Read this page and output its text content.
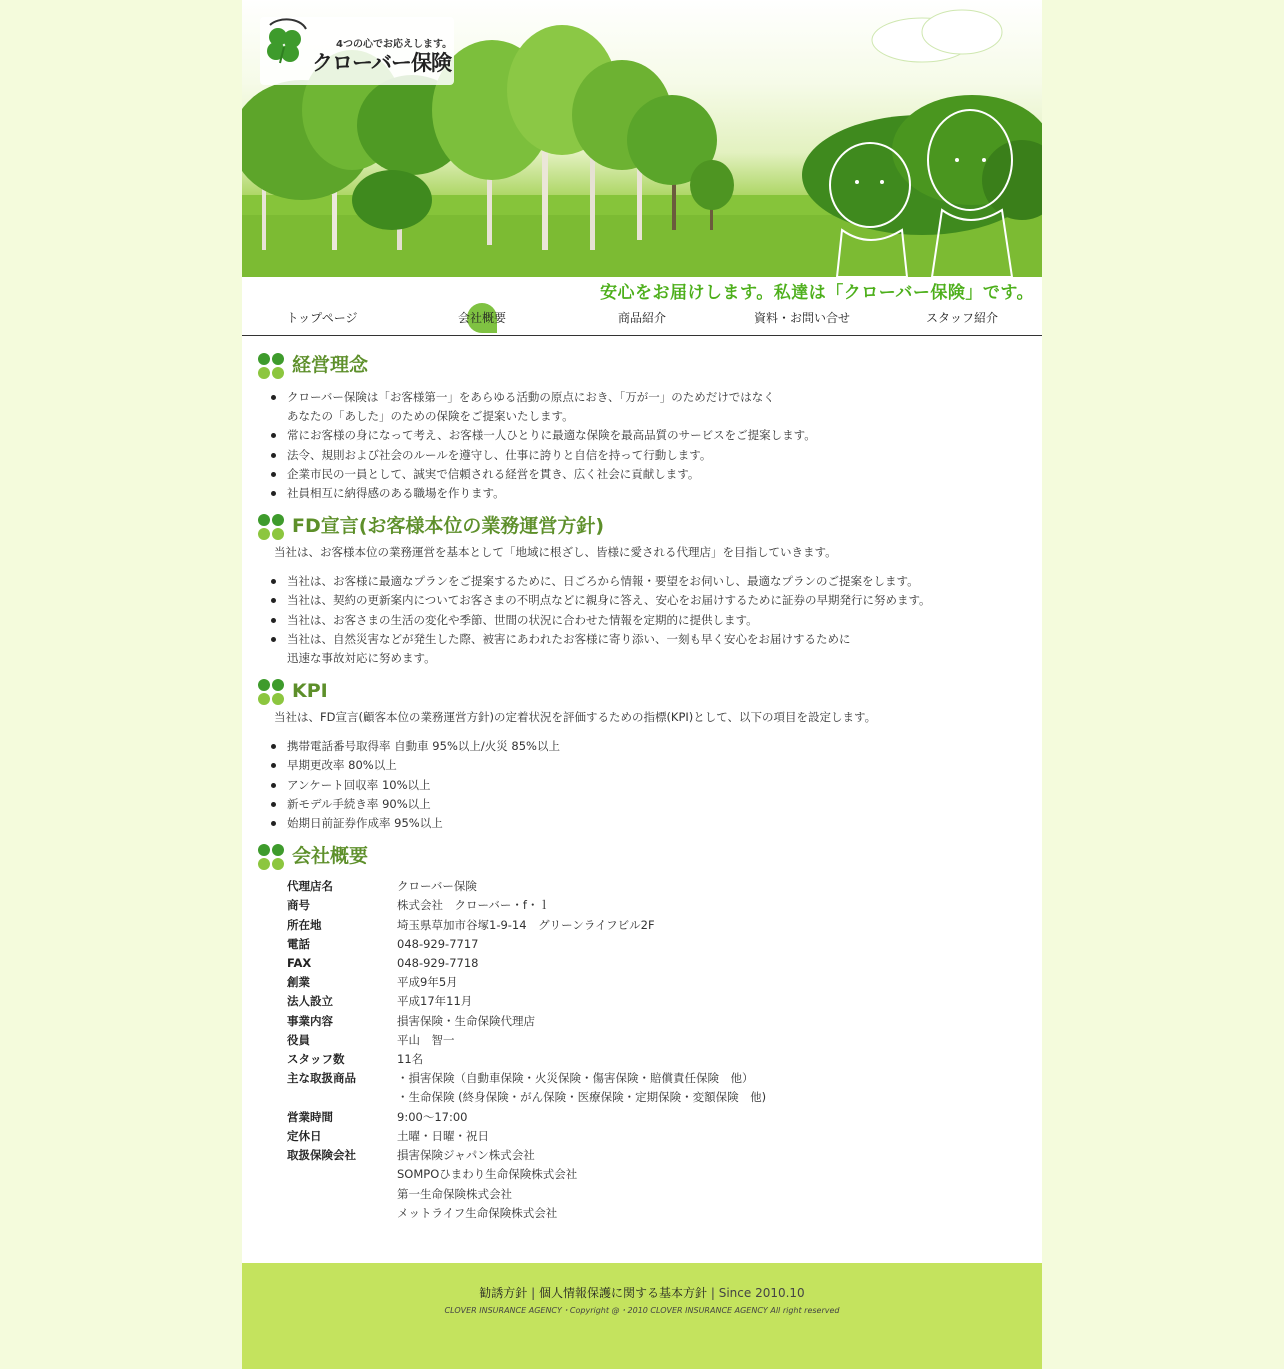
4つの心でお応えします。
クローバー保険
安心をお届けします。私達は「クローバー保険」です。
トップページ	会社概要	商品紹介	資料・お問い合せ	スタッフ紹介
経営理念
クローバー保険は「お客様第一」をあらゆる活動の原点におき、「万が一」のためだけではなく
あなたの「あした」のための保険をご提案いたします。
常にお客様の身になって考え、お客様一人ひとりに最適な保険を最高品質のサービスをご提案します。
法令、規則および社会のルールを遵守し、仕事に誇りと自信を持って行動します。
企業市民の一員として、誠実で信頼される経営を貫き、広く社会に貢献します。
社員相互に納得感のある職場を作ります。
FD宣言(お客様本位の業務運営方針)
当社は、お客様本位の業務運営を基本として「地域に根ざし、皆様に愛される代理店」を目指していきます。
当社は、お客様に最適なプランをご提案するために、日ごろから情報・要望をお伺いし、最適なプランのご提案をします。
当社は、契約の更新案内についてお客さまの不明点などに親身に答え、安心をお届けするために証券の早期発行に努めます。
当社は、お客さまの生活の変化や季節、世間の状況に合わせた情報を定期的に提供します。
当社は、自然災害などが発生した際、被害にあわれたお客様に寄り添い、一刻も早く安心をお届けするために
迅速な事故対応に努めます。
KPI
当社は、FD宣言(顧客本位の業務運営方針)の定着状況を評価するための指標(KPI)として、以下の項目を設定します。
携帯電話番号取得率 自動車 95%以上/火災 85%以上
早期更改率 80%以上
アンケート回収率 10%以上
新モデル手続き率 90%以上
始期日前証券作成率 95%以上
会社概要
代理店名	クローバー保険
商号	株式会社　クローバー・f・ｌ
所在地	埼玉県草加市谷塚1-9-14　グリーンライフビル2F
電話	048-929-7717
FAX	048-929-7718
創業	平成9年5月
法人設立	平成17年11月
事業内容	損害保険・生命保険代理店
役員	平山　智一
スタッフ数	11名
主な取扱商品	・損害保険（自動車保険・火災保険・傷害保険・賠償責任保険　他）
	・生命保険 (終身保険・がん保険・医療保険・定期保険・変額保険　他)
営業時間	9:00～17:00
定休日	土曜・日曜・祝日
取扱保険会社	損害保険ジャパン株式会社
	SOMPOひまわり生命保険株式会社
	第一生命保険株式会社
	メットライフ生命保険株式会社
勧誘方針 | 個人情報保護に関する基本方針 | Since 2010.10
CLOVER INSURANCE AGENCY・Copyright @・2010 CLOVER INSURANCE AGENCY All right reserved
